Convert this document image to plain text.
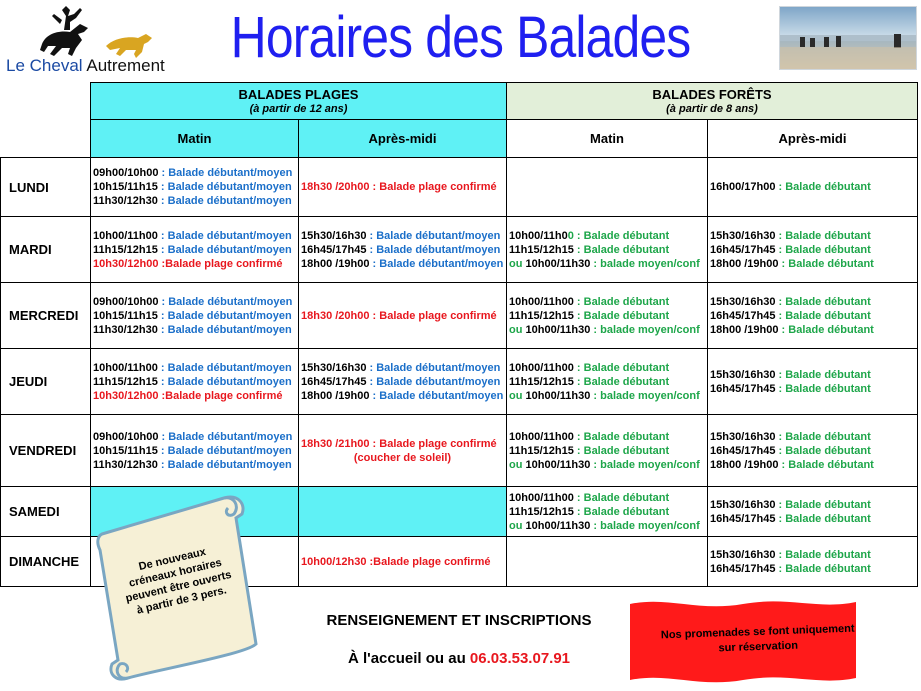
Le Cheval Autrement	Horaires des Balades
	BALADES PLAGES
(à partir de 12 ans)		BALADES FORÊTS
(à partir de 8 ans)	

	Matin	Après-midi	Matin	Après-midi
LUNDI	09h00/10h00 : Balade débutant/moyen
10h15/11h15 : Balade débutant/moyen
11h30/12h30 : Balade débutant/moyen	18h30 /20h00 : Balade plage confirmé		16h00/17h00 : Balade débutant

MARDI	10h00/11h00 : Balade débutant/moyen
11h15/12h15 : Balade débutant/moyen
10h30/12h00 :Balade plage confirmé	15h30/16h30 : Balade débutant/moyen
16h45/17h45 : Balade débutant/moyen
18h00 /19h00 : Balade débutant/moyen	10h00/11h00 : Balade débutant
11h15/12h15 : Balade débutant
ou 10h00/11h30 : balade moyen/conf	15h30/16h30 : Balade débutant
16h45/17h45 : Balade débutant
18h00 /19h00 : Balade débutant

MERCREDI	09h00/10h00 : Balade débutant/moyen
10h15/11h15 : Balade débutant/moyen
11h30/12h30 : Balade débutant/moyen	18h30 /20h00 : Balade plage confirmé	10h00/11h00 : Balade débutant
11h15/12h15 : Balade débutant
ou 10h00/11h30 : balade moyen/conf	15h30/16h30 : Balade débutant
16h45/17h45 : Balade débutant
18h00 /19h00 : Balade débutant

JEUDI	10h00/11h00 : Balade débutant/moyen
11h15/12h15 : Balade débutant/moyen
10h30/12h00 :Balade plage confirmé	15h30/16h30 : Balade débutant/moyen
16h45/17h45 : Balade débutant/moyen
18h00 /19h00 : Balade débutant/moyen	10h00/11h00 : Balade débutant
11h15/12h15 : Balade débutant
ou 10h00/11h30 : balade moyen/conf	15h30/16h30 : Balade débutant
16h45/17h45 : Balade débutant

VENDREDI	09h00/10h00 : Balade débutant/moyen
10h15/11h15 : Balade débutant/moyen
11h30/12h30 : Balade débutant/moyen	18h30 /21h00 : Balade plage confirmé
(coucher de soleil)	10h00/11h00 : Balade débutant
11h15/12h15 : Balade débutant
ou 10h00/11h30 : balade moyen/conf	15h30/16h30 : Balade débutant
16h45/17h45 : Balade débutant
18h00 /19h00 : Balade débutant

SAMEDI			10h00/11h00 : Balade débutant
11h15/12h15 : Balade débutant
ou 10h00/11h30 : balade moyen/conf	15h30/16h30 : Balade débutant
16h45/17h45 : Balade débutant

DIMANCHE		10h00/12h30 :Balade plage confirmé		15h30/16h30 : Balade débutant
16h45/17h45 : Balade débutant
De nouveaux créneaux horaires peuvent être ouverts à partir de 3 pers.
RENSEIGNEMENT ET INSCRIPTIONS
À l'accueil ou au 06.03.53.07.91
Nos promenades se font uniquement sur réservation
